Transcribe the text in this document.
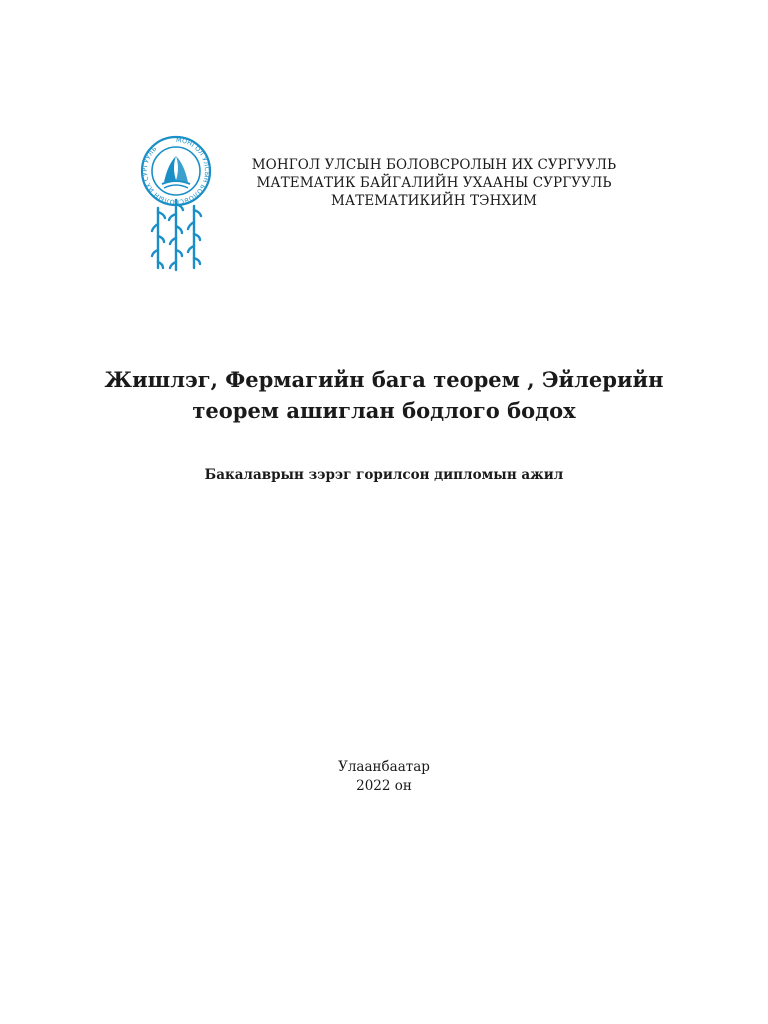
МОНГОЛ УЛСЫН БОЛОВСРОЛЫН ИХ СУРГУУЛЬ
МОНГОЛ УЛСЫН БОЛОВСРОЛЫН ИХ СУРГУУЛЬ
МАТЕМАТИК БАЙГАЛИЙН УХААНЫ СУРГУУЛЬ
МАТЕМАТИКИЙН ТЭНХИМ
Жишлэг, Фермагийн бага теорем , Эйлерийн
теорем ашиглан бодлого бодох
Бакалаврын зэрэг горилсон дипломын ажил
Улаанбаатар
2022 он
